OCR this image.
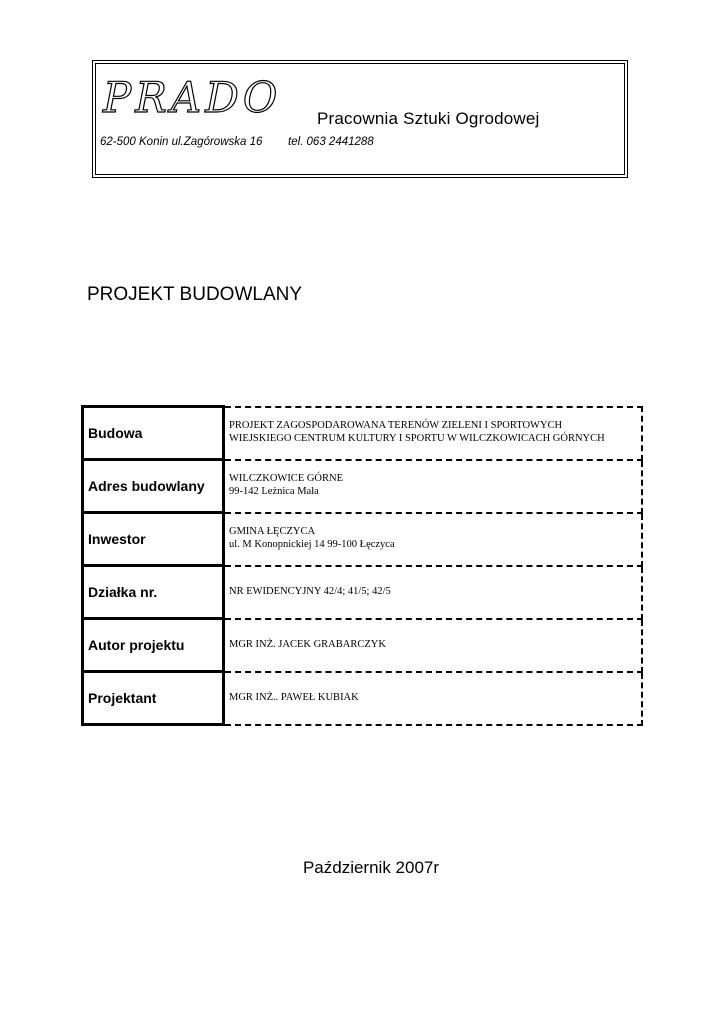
PRADO Pracownia Sztuki Ogrodowej
62-500 Konin ul.Zagórowska 16 tel. 063 2441288
PROJEKT BUDOWLANY
Budowa	PROJEKT ZAGOSPODAROWANA TERENÓW ZIELENI I SPORTOWYCH
WIEJSKIEGO CENTRUM KULTURY I SPORTU W WILCZKOWICACH GÓRNYCH

Adres budowlany	WILCZKOWICE GÓRNE
99-142 Leżnica Mała

Inwestor	GMINA ŁĘCZYCA
ul. M Konopnickiej 14 99-100 Łęczyca

Działka nr.	NR EWIDENCYJNY 42/4; 41/5; 42/5

Autor projektu	MGR INŻ. JACEK GRABARCZYK

Projektant	MGR INŻ.. PAWEŁ KUBIAK
Październik 2007r
